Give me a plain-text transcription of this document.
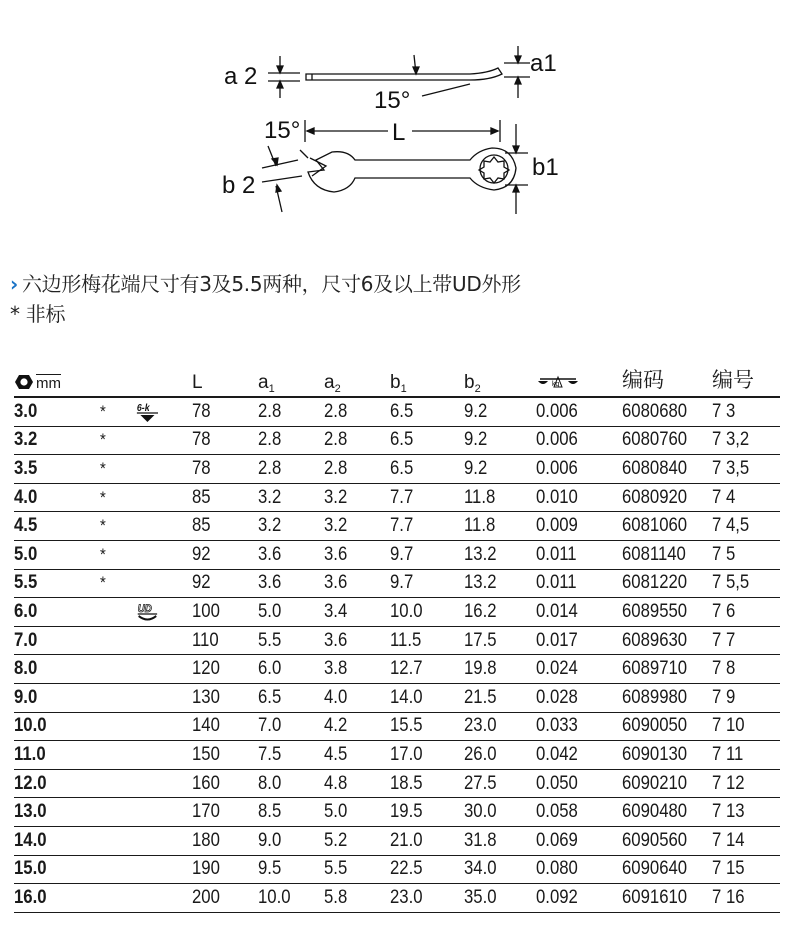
a 2	a1
15°
15°	L
b 2
b1
› 六边形梅花端尺寸有3及5.5两种，尺寸6及以上带UD外形
* 非标
$\overline{mm}$			L	$a_1$	$a_2$	$b_1$	$b_2$	kg	编码	编号
3.0	*	6-k	78	2.8	2.8	6.5	9.2	0.006	6080680	7 3
3.2	*		78	2.8	2.8	6.5	9.2	0.006	6080760	7 3,2
3.5	*		78	2.8	2.8	6.5	9.2	0.006	6080840	7 3,5
4.0	*		85	3.2	3.2	7.7	11.8	0.010	6080920	7 4
4.5	*		85	3.2	3.2	7.7	11.8	0.009	6081060	7 4,5
5.0	*		92	3.6	3.6	9.7	13.2	0.011	6081140	7 5
5.5	*		92	3.6	3.6	9.7	13.2	0.011	6081220	7 5,5
6.0		UD	100	5.0	3.4	10.0	16.2	0.014	6089550	7 6
7.0			110	5.5	3.6	11.5	17.5	0.017	6089630	7 7
8.0			120	6.0	3.8	12.7	19.8	0.024	6089710	7 8
9.0			130	6.5	4.0	14.0	21.5	0.028	6089980	7 9
10.0			140	7.0	4.2	15.5	23.0	0.033	6090050	7 10
11.0			150	7.5	4.5	17.0	26.0	0.042	6090130	7 11
12.0			160	8.0	4.8	18.5	27.5	0.050	6090210	7 12
13.0			170	8.5	5.0	19.5	30.0	0.058	6090480	7 13
14.0			180	9.0	5.2	21.0	31.8	0.069	6090560	7 14
15.0			190	9.5	5.5	22.5	34.0	0.080	6090640	7 15
16.0			200	10.0	5.8	23.0	35.0	0.092	6091610	7 16
